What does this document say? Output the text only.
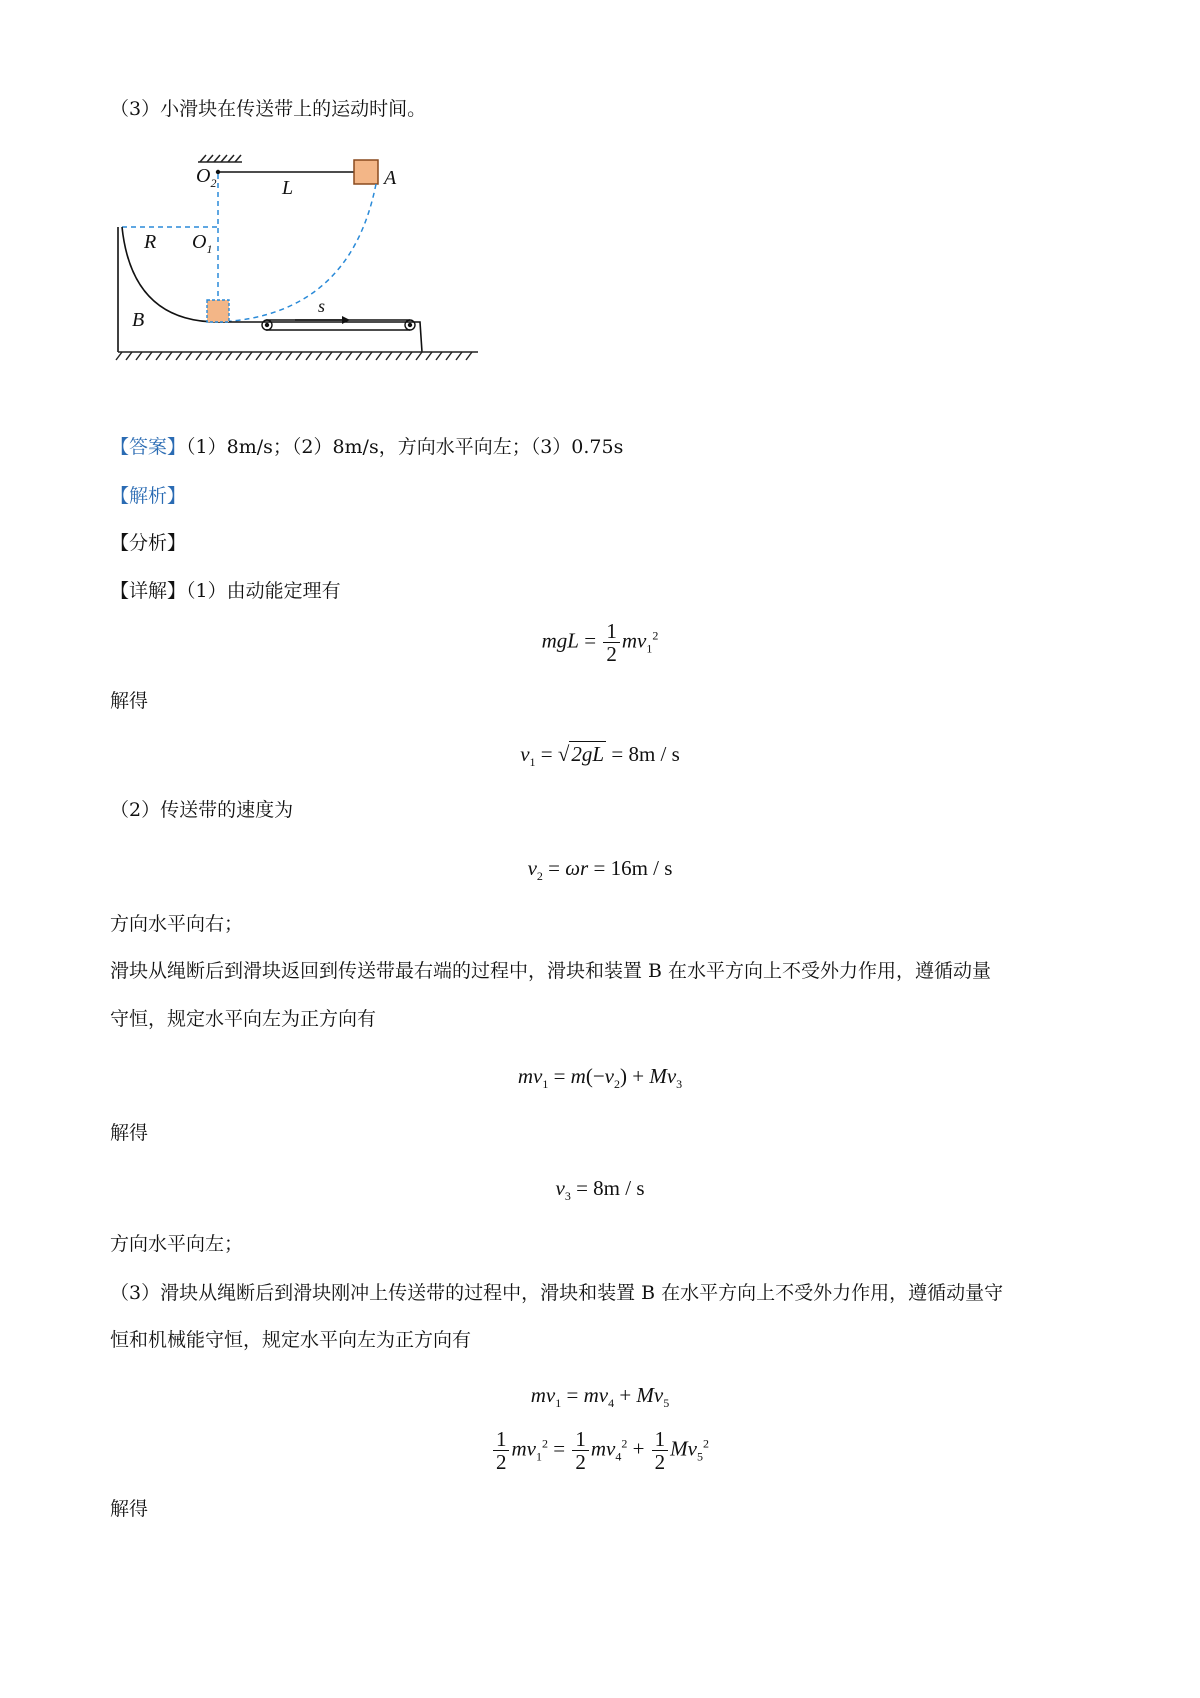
（3）小滑块在传送带上的运动时间。
$O_2$	L	A
R $O_1$
B
s
【答案】（1）8m/s；（2）8m/s，方向水平向左；（3）0.75s
【解析】
【分析】
【详解】（1）由动能定理有
mgL = $\frac{1}{2} mv_1^2$
解得
$v_1 = √2gL = 8m / s$
（2）传送带的速度为
$v_2 = \omega r = 16m / s$
方向水平向右；
滑块从绳断后到滑块返回到传送带最右端的过程中，滑块和装置 B 在水平方向上不受外力作用，遵循动量
守恒，规定水平向左为正方向有
$mv_1 = m(-v_2) + Mv_3$
解得
$v_3 = 8m / s$
方向水平向左；
（3）滑块从绳断后到滑块刚冲上传送带的过程中，滑块和装置 B 在水平方向上不受外力作用，遵循动量守
恒和机械能守恒，规定水平向左为正方向有
$mv_1 = mv_4 + Mv_5$
$\frac{1}{2} mv_1^2 = \frac{1}{2} mv_4^2 + \frac{1}{2} Mv_5^2$
解得
